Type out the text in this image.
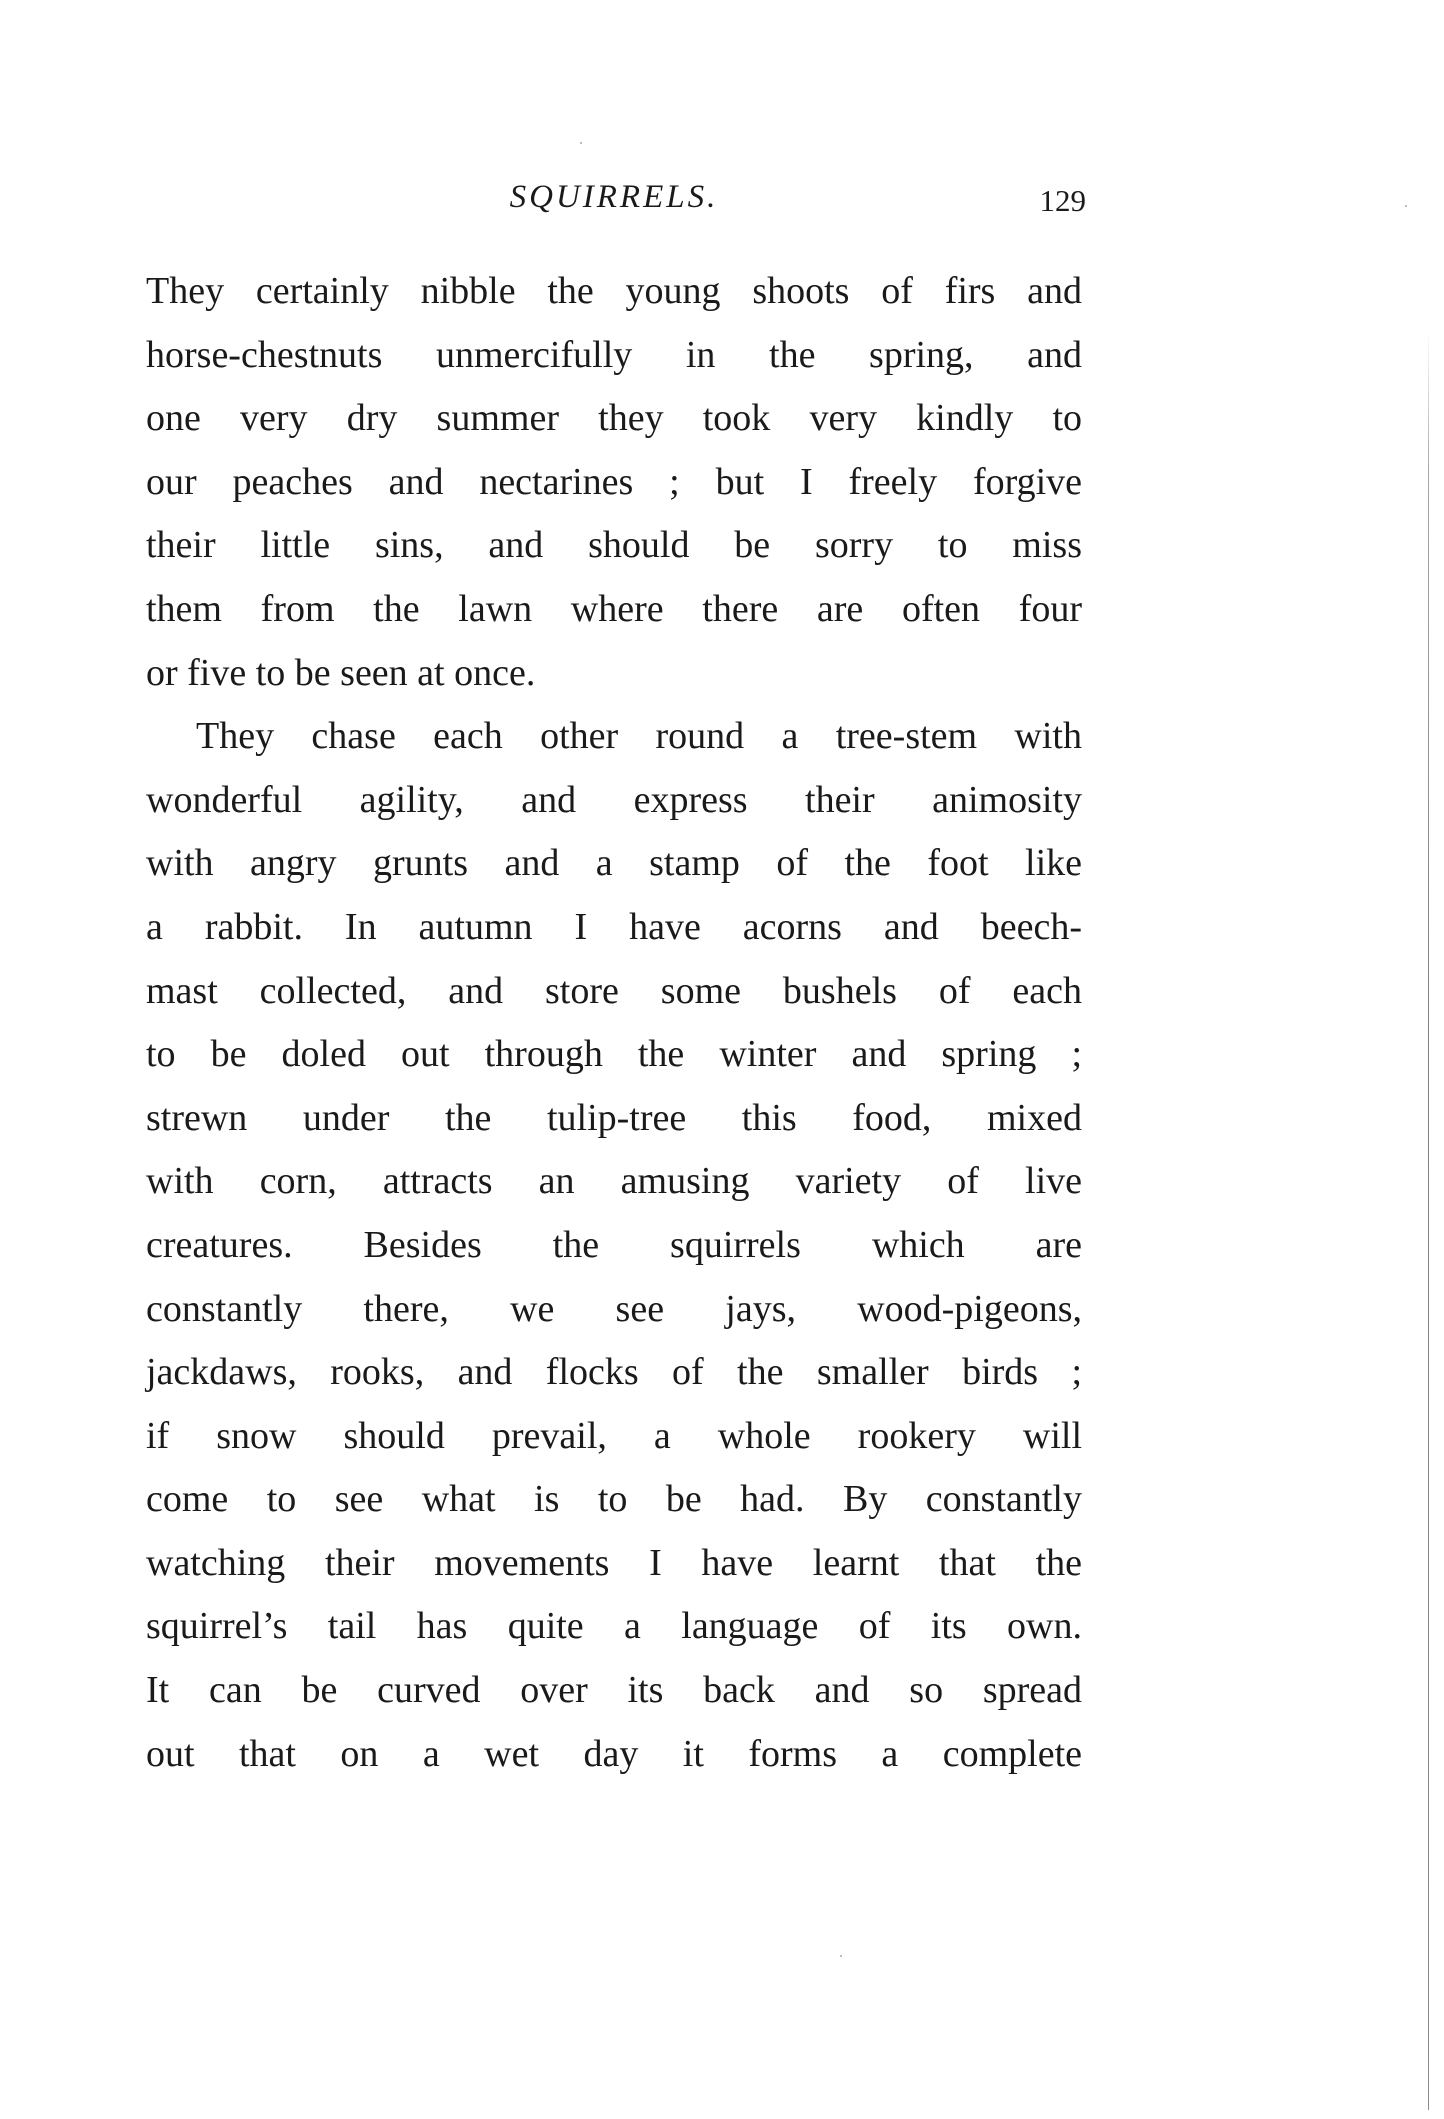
SQUIRRELS.	129
They certainly nibble the young shoots of firs and
horse-chestnuts unmercifully in the spring, and
one very dry summer they took very kindly to
our peaches and nectarines ; but I freely forgive
their little sins, and should be sorry to miss
them from the lawn where there are often four
or five to be seen at once.
They chase each other round a tree-stem with
wonderful agility, and express their animosity
with angry grunts and a stamp of the foot like
a rabbit. In autumn I have acorns and beech-
mast collected, and store some bushels of each
to be doled out through the winter and spring ;
strewn under the tulip-tree this food, mixed
with corn, attracts an amusing variety of live
creatures. Besides the squirrels which are
constantly there, we see jays, wood-pigeons,
jackdaws, rooks, and flocks of the smaller birds ;
if snow should prevail, a whole rookery will
come to see what is to be had. By constantly
watching their movements I have learnt that the
squirrel’s tail has quite a language of its own.
It can be curved over its back and so spread
out that on a wet day it forms a complete
